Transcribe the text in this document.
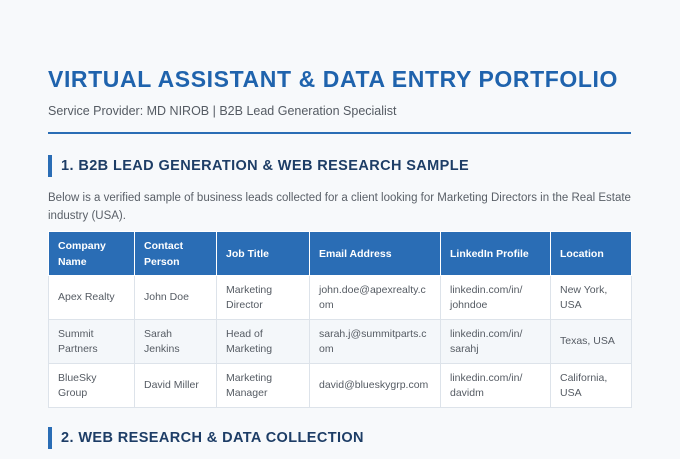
VIRTUAL ASSISTANT & DATA ENTRY PORTFOLIO
Service Provider: MD NIROB | B2B Lead Generation Specialist
1. B2B LEAD GENERATION & WEB RESEARCH SAMPLE
Below is a verified sample of business leads collected for a client looking for Marketing Directors in the Real Estate industry (USA).
Company Name	Contact Person	Job Title	Email Address	LinkedIn Profile	Location
Apex Realty	John Doe	Marketing Director	john.doe@apexrealty.com	linkedin.com/in/ johndoe	New York, USA
Summit Partners	Sarah Jenkins	Head of Marketing	sarah.j@summitparts.com	linkedin.com/in/ sarahj	Texas, USA
BlueSky Group	David Miller	Marketing Manager	david@blueskygrp.com	linkedin.com/in/ davidm	California, USA
2. WEB RESEARCH & DATA COLLECTION
